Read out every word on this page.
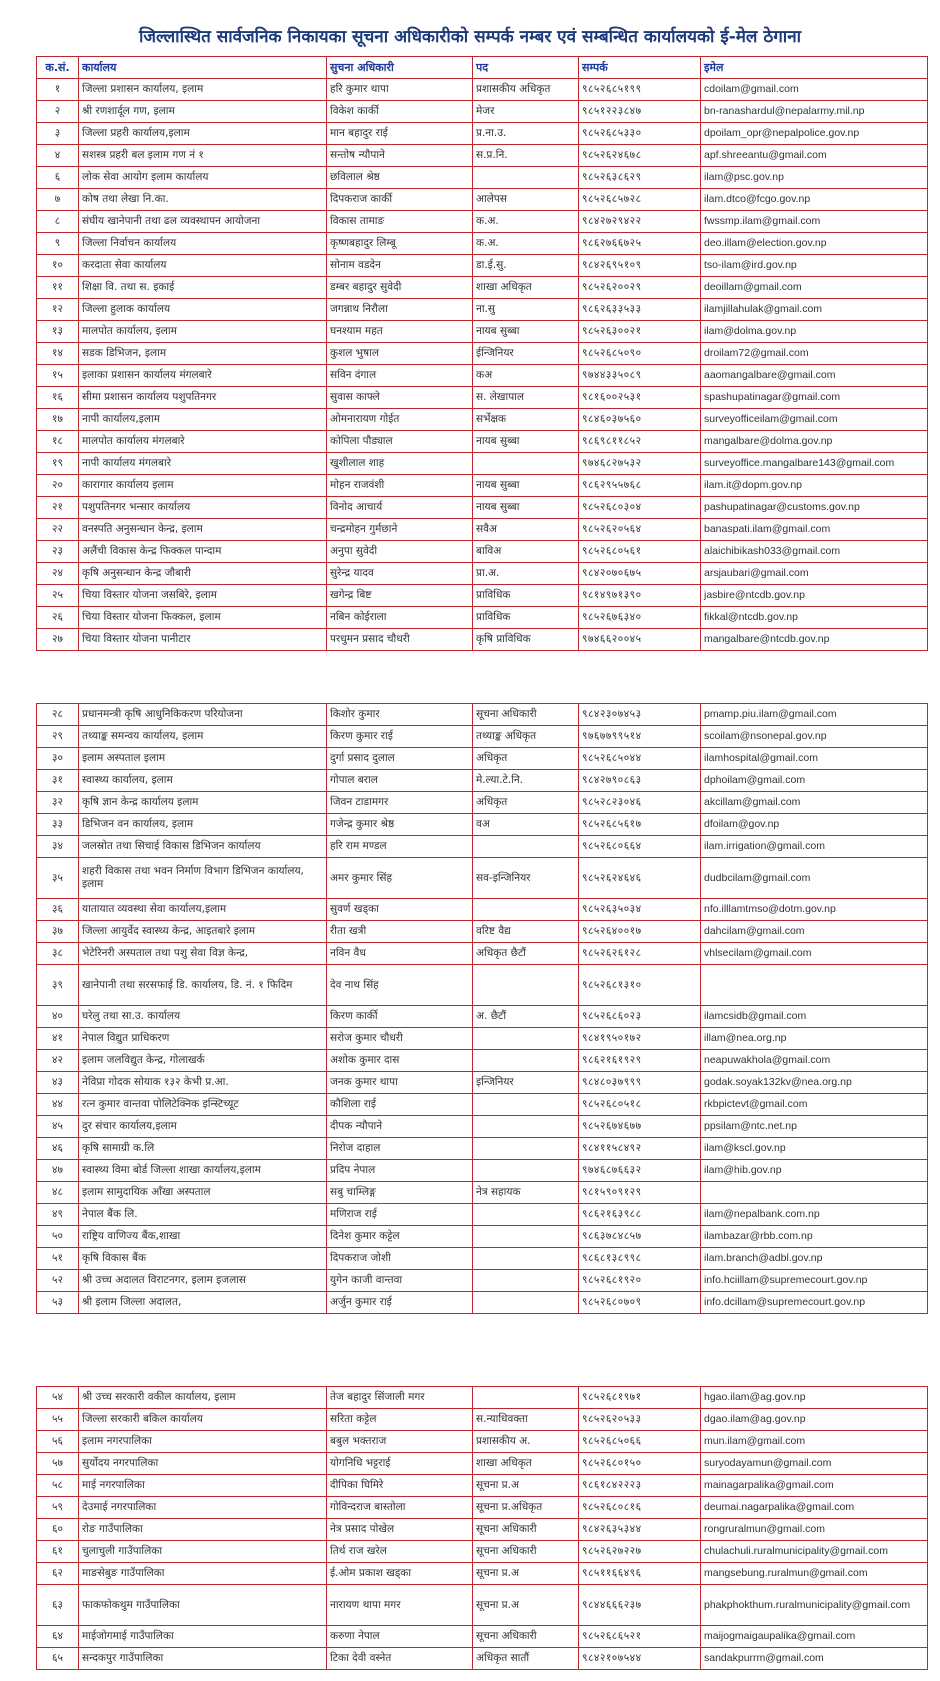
जिल्लास्थित सार्वजनिक निकायका सूचना अधिकारीको सम्पर्क नम्बर एवं सम्बन्धित कार्यालयको ई-मेल ठेगाना
क.सं.	कार्यालय	सुचना अधिकारी	पद	सम्पर्क	इमेल
१	जिल्ला प्रशासन कार्यालय, इलाम	हरि कुमार थापा	प्रशासकीय अधिकृत	९८५२६८५१९९	cdoilam@gmail.com
२	श्री रणशार्दूल गण, इलाम	विकेश कार्की	मेजर	९८५१२२३८४७	bn-ranashardul@nepalarmy.mil.np
३	जिल्ला प्रहरी कार्यालय,इलाम	मान बहादुर राई	प्र.ना.उ.	९८५२६८५३३०	dpoilam_opr@nepalpolice.gov.np
४	सशस्त्र प्रहरी बल इलाम गण नं १	सन्तोष न्यौपाने	स.प्र.नि.	९८५२६२४६७८	apf.shreeantu@gmail.com
६	लोक सेवा आयोग इलाम कार्यालय	छविलाल श्रेष्ठ		९८५२६३८६२९	ilam@psc.gov.np
७	कोष तथा लेखा नि.का.	दिपकराज कार्की	आलेपस	९८५२६८५७२८	ilam.dtco@fcgo.gov.np
८	संघीय खानेपानी तथा ढल व्यवस्थापन आयोजना	विकास तामाङ	क.अ.	९८४२७२९४२२	fwssmp.ilam@gmail.com
९	जिल्ला निर्वाचन कार्यालय	कृष्णबहादुर लिम्बू	क.अ.	९८६२७६६७२५	deo.illam@election.gov.np
१०	करदाता सेवा कार्यालय	सोनाम वडदेन	डा.ई.सु.	९८४२६९५१०९	tso-ilam@ird.gov.np
११	शिक्षा वि. तथा स. इकाई	डम्बर बहादुर सुवेदी	शाखा अधिकृत	९८५२६२००२९	deoillam@gmail.com
१२	जिल्ला हुलाक कार्यालय	जगन्नाथ निरौला	ना.सु	९८६२६३३५३३	ilamjillahulak@gmail.com
१३	मालपोत कार्यालय, इलाम	घनश्याम महत	नायब सुब्बा	९८५२६३००२१	ilam@dolma.gov.np
१४	सडक डिभिजन, इलाम	कुशल भुषाल	ईन्जिनियर	९८५२६८५०९०	droilam72@gmail.com
१५	इलाका प्रशासन कार्यालय मंगलबारे	सविन दंगाल	कअ	९७४४३३५०८९	aaomangalbare@gmail.com
१६	सीमा प्रशासन कार्यालय पशुपतिनगर	सुवास काफ्ले	स. लेखापाल	९८१६००२५३१	spashupatinagar@gmail.com
१७	नापी कार्यालय,इलाम	ओमनारायण गोईत	सर्भेक्षक	९८४६०३७५६०	surveyofficeilam@gmail.com
१८	मालपोत कार्यालय मंगलबारे	कोपिला पौड्याल	नायब सुब्बा	९८६९८११८५२	mangalbare@dolma.gov.np
१९	नापी कार्यालय मंगलबारे	खुशीलाल शाह		९७४६८२७५३२	surveyoffice.mangalbare143@gmail.com
२०	कारागार कार्यालय इलाम	मोहन राजवंशी	नायब सुब्बा	९८६२९५५७६८	ilam.it@dopm.gov.np
२१	पशुपतिनगर भन्सार कार्यालय	विनोद आचार्य	नायब सुब्बा	९८५२६८०३०४	pashupatinagar@customs.gov.np
२२	वनस्पति अनुसन्धान केन्द्र, इलाम	चन्द्रमोहन गुर्मछाने	सवैअ	९८५२६२०५६४	banaspati.ilam@gmail.com
२३	अलैंची विकास केन्द्र फिक्कल पान्दाम	अनुपा सुवेदी	बाविअ	९८५२६८०५६१	alaichibikash033@gmail.com
२४	कृषि अनुसन्धान केन्द्र जौबारी	सुरेन्द्र यादव	प्रा.अ.	९८४२०७०६७५	arsjaubari@gmail.com
२५	चिया विस्तार योजना जसबिरे, इलाम	खगेन्द्र बिष्ट	प्राविधिक	९८१४९७१३९०	jasbire@ntcdb.gov.np
२६	चिया विस्तार योजना फिक्कल, इलाम	नबिन कोईराला	प्राविधिक	९८५२६७६३४०	fikkal@ntcdb.gov.np
२७	चिया विस्तार योजना पानीटार	परधुमन प्रसाद चौधरी	कृषि प्राविधिक	९७४६६२००४५	mangalbare@ntcdb.gov.np
२८	प्रधानमन्त्री कृषि आधुनिकिकरण परियोजना	किशोर कुमार	सूचना अधिकारी	९८४२३०७४५३	pmamp.piu.ilam@gmail.com
२९	तथ्याङ्क समन्वय कार्यालय, इलाम	किरण कुमार राई	तथ्याङ्क अधिकृत	९७६७७९९५१४	scoilam@nsonepal.gov.np
३०	इलाम अस्पताल इलाम	दुर्गा प्रसाद दुलाल	अधिकृत	९८५२६८५०४४	ilamhospital@gmail.com
३१	स्वास्थ्य कार्यालय, इलाम	गोपाल बराल	मे.ल्या.टे.नि.	९८४२७९०८६३	dphoilam@gmail.com
३२	कृषि ज्ञान केन्द्र कार्यालय इलाम	जिवन टाडामगर	अधिकृत	९८५२८२३०४६	akcillam@gmail.com
३३	डिभिजन वन कार्यालय, इलाम	गजेन्द्र कुमार श्रेष्ठ	वअ	९८५२६८५६१७	dfoilam@gov.np
३४	जलस्रोत तथा सिचाई विकास डिभिजन कार्यालय	हरि राम मण्डल		९८५२६८०६६४	ilam.irrigation@gmail.com
३५	शहरी विकास तथा भवन निर्माण विभाग डिभिजन कार्यालय, इलाम	अमर कुमार सिंह	सव-इन्जिनियर	९८५२६२४६४६	dudbcilam@gmail.com
३६	यातायात व्यवस्था सेवा कार्यालय,इलाम	सुवर्ण खड्का		९८५२६३५०३४	nfo.illlamtmso@dotm.gov.np
३७	जिल्ला आयुर्वेद स्वास्थ्य केन्द्र, आइतबारे इलाम	रीता खत्री	वरिष्ट वैद्य	९८५२६४००१७	dahcilam@gmail.com
३८	भेटेरिनरी अस्पताल तथा पशु सेवा विज्ञ केन्द्र,	नविन वैध	अधिकृत छैटौं	९८५२६२६१२८	vhlsecilam@gmail.com
३९	खानेपानी तथा सरसफाई डि. कार्यालय, डि. नं. १ फिदिम	देव नाथ सिंह		९८५२६८१३१०	
४०	घरेलु तथा सा.उ. कार्यालय	किरण कार्की	अ. छैटौं	९८५२६८६०२३	ilamcsidb@gmail.com
४१	नेपाल विद्युत प्राधिकरण	सरोज कुमार चौधरी		९८४१९५०१७२	illam@nea.org.np
४२	इलाम जलविद्युत केन्द्र, गोलाखर्क	अशोक कुमार दास		९८६२१६१९२९	neapuwakhola@gmail.com
४३	नेविप्रा गोदक सोयाक १३२ केभी प्र.आ.	जनक कुमार थापा	इन्जिनियर	९८४८०३७९९९	godak.soyak132kv@nea.org.np
४४	रत्न कुमार वान्तवा पोलिटेक्निक इन्स्टिच्यूट	कौशिला राई		९८५२६८०५१८	rkbpictevt@gmail.com
४५	दुर संचार कार्यालय,इलाम	दीपक न्यौपाने		९८५२६७४६७७	ppsilam@ntc.net.np
४६	कृषि सामाग्री क.लि	निरोज दाहाल		९८४११५८४९२	ilam@kscl.gov.np
४७	स्वास्थ्य विमा बोर्ड जिल्ला शाखा कार्यालय,इलाम	प्रदिप नेपाल		९७४६८७६६३२	ilam@hib.gov.np
४८	इलाम सामुदायिक आँखा अस्पताल	सबु चाम्लिङ्ग	नेत्र सहायक	९८१५९०९१२९	
४९	नेपाल बैंक लि.	मणिराज राई		९८६२१६३९८८	ilam@nepalbank.com.np
५०	राष्ट्रिय वाणिज्य बैंक,शाखा	दिनेश कुमार कट्टेल		९८६३७८४८५७	ilambazar@rbb.com.np
५१	कृषि विकास बैंक	दिपकराज जोशी		९८६८१३८९९८	ilam.branch@adbl.gov.np
५२	श्री उच्च अदालत विराटनगर, इलाम इजलास	युगेन काजी वान्तवा		९८५२६८१९२०	info.hciillam@supremecourt.gov.np
५३	श्री इलाम जिल्ला अदालत,	अर्जुन कुमार राई		९८५२६८०७०९	info.dcillam@supremecourt.gov.np
५४	श्री उच्च सरकारी वकील कार्यालय, इलाम	तेज बहादुर सिंजाली मगर		९८५२६८१९७१	hgao.ilam@ag.gov.np
५५	जिल्ला सरकारी बकिल कार्यालय	सरिता कट्टेल	स.न्याधिवक्ता	९८५२६२०५३३	dgao.ilam@ag.gov.np
५६	इलाम नगरपालिका	बबुल भक्तराज	प्रशासकीय अ.	९८५२६८५०६६	mun.ilam@gmail.com
५७	सुर्योदय नगरपालिका	योगनिधि भट्टराई	शाखा अधिकृत	९८५२६८०१५०	suryodayamun@gmail.com
५८	माई नगरपालिका	दीपिका घिमिरे	सूचना प्र.अ	९८६१८४२२२३	mainagarpalika@gmail.com
५९	देउमाई नगरपालिका	गोविन्दराज बास्तोला	सूचना प्र.अधिकृत	९८५२६८०८१६	deumai.nagarpalika@gmail.com
६०	रोङ गाउँपालिका	नेत्र प्रसाद पोखेल	सूचना अधिकारी	९८४२६३५३४४	rongruralmun@gmail.com
६१	चुलाचुली गाउँपालिका	तिर्थ राज खरेल	सूचना अधिकारी	९८५२६२७२२७	chulachuli.ruralmunicipality@gmail.com
६२	माङसेबुङ गाउँपालिका	ई.ओम प्रकाश खड्का	सूचना प्र.अ	९८५११६६४९६	mangsebung.ruralmun@gmail.com
६३	फाकफोकथुम गाउँपालिका	नारायण थापा मगर	सूचना प्र.अ	९८४४६६६२३७	phakphokthum.ruralmunicipality@gmail.com
६४	माईजोगमाई गाउँपालिका	करुणा नेपाल	सूचना अधिकारी	९८५२६८६५२१	maijogmaigaupalika@gmail.com
६५	सन्दकपुर गाउँपालिका	टिका देवी वस्नेत	अधिकृत सातौं	९८४२१०७५४४	sandakpurrm@gmail.com
